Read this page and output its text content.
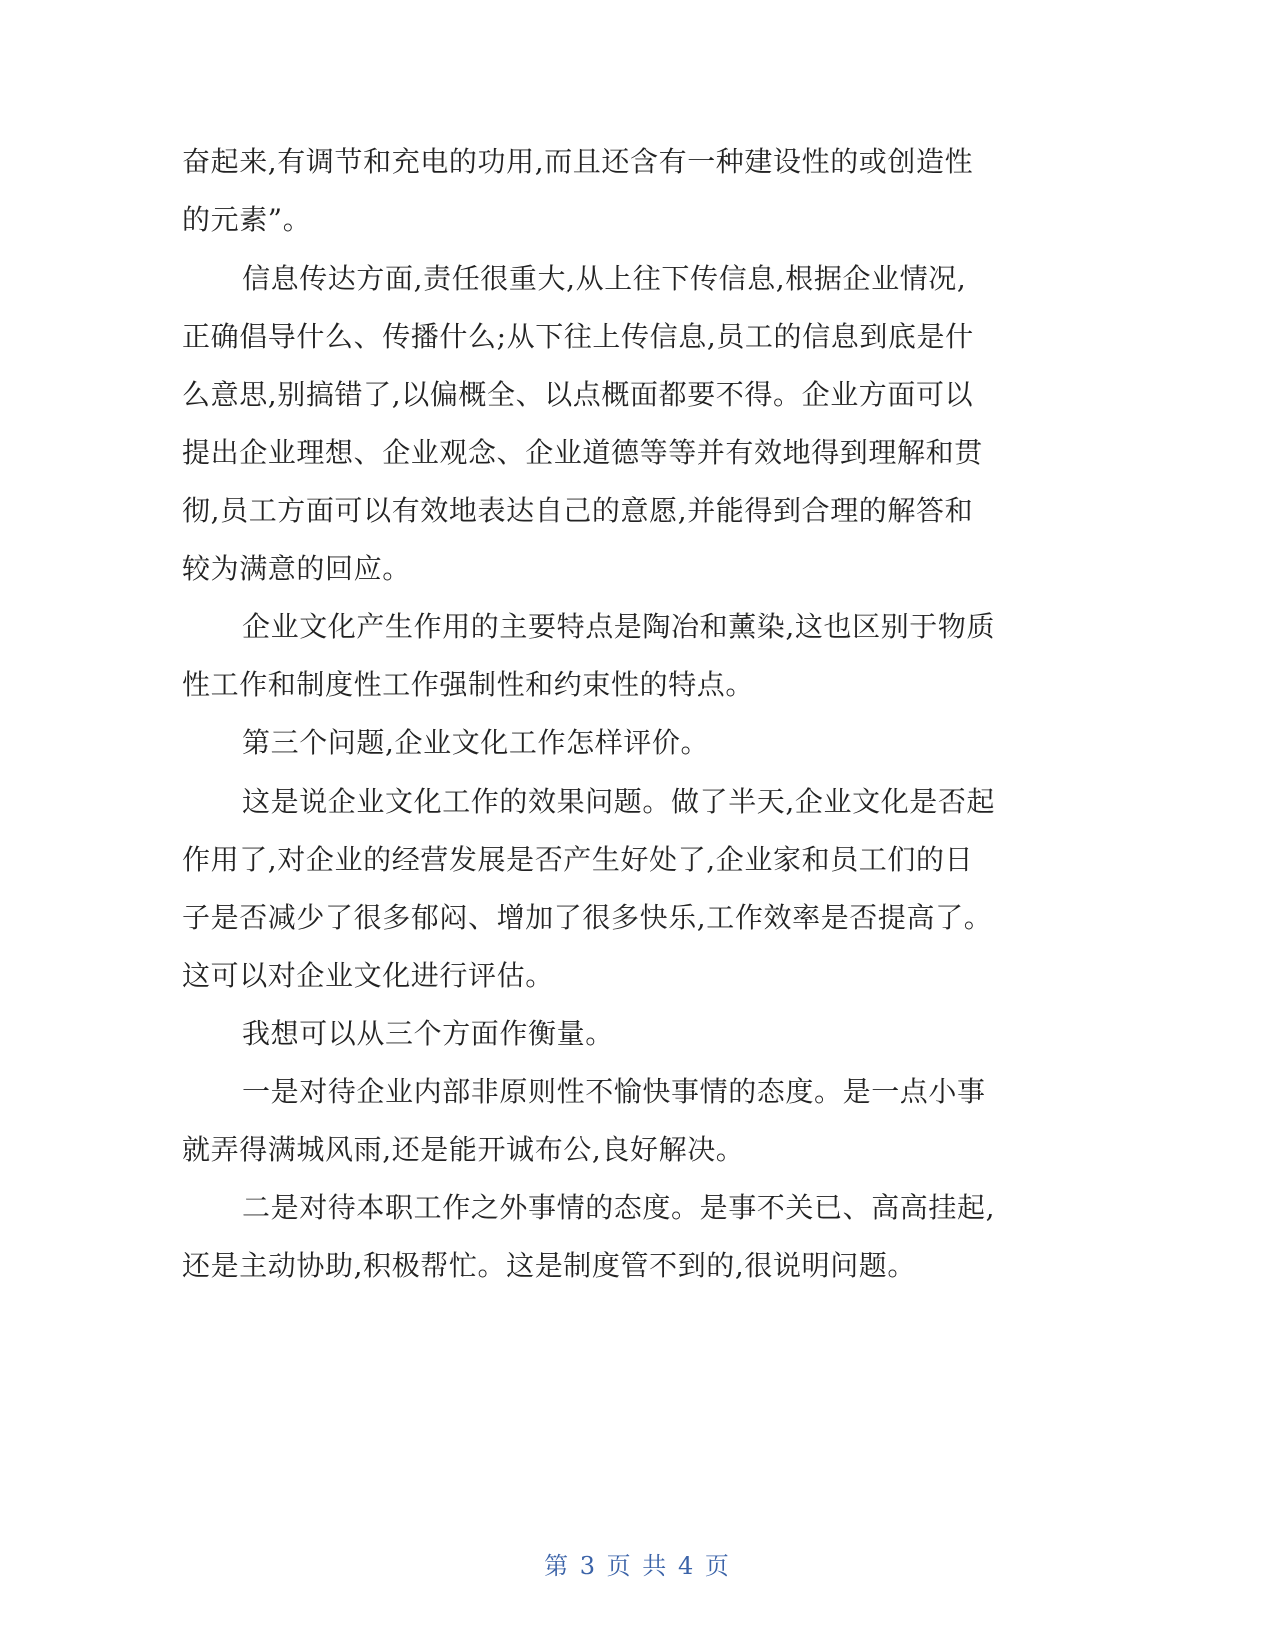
奋起来,有调节和充电的功用,而且还含有一种建设性的或创造性
的元素”。
信息传达方面,责任很重大,从上往下传信息,根据企业情况,
正确倡导什么、传播什么;从下往上传信息,员工的信息到底是什
么意思,别搞错了,以偏概全、以点概面都要不得。企业方面可以
提出企业理想、企业观念、企业道德等等并有效地得到理解和贯
彻,员工方面可以有效地表达自己的意愿,并能得到合理的解答和
较为满意的回应。
企业文化产生作用的主要特点是陶冶和薰染,这也区别于物质
性工作和制度性工作强制性和约束性的特点。
第三个问题,企业文化工作怎样评价。
这是说企业文化工作的效果问题。做了半天,企业文化是否起
作用了,对企业的经营发展是否产生好处了,企业家和员工们的日
子是否减少了很多郁闷、增加了很多快乐,工作效率是否提高了。
这可以对企业文化进行评估。
我想可以从三个方面作衡量。
一是对待企业内部非原则性不愉快事情的态度。是一点小事
就弄得满城风雨,还是能开诚布公,良好解决。
二是对待本职工作之外事情的态度。是事不关已、高高挂起,
还是主动协助,积极帮忙。这是制度管不到的,很说明问题。
第 3 页 共 4 页
